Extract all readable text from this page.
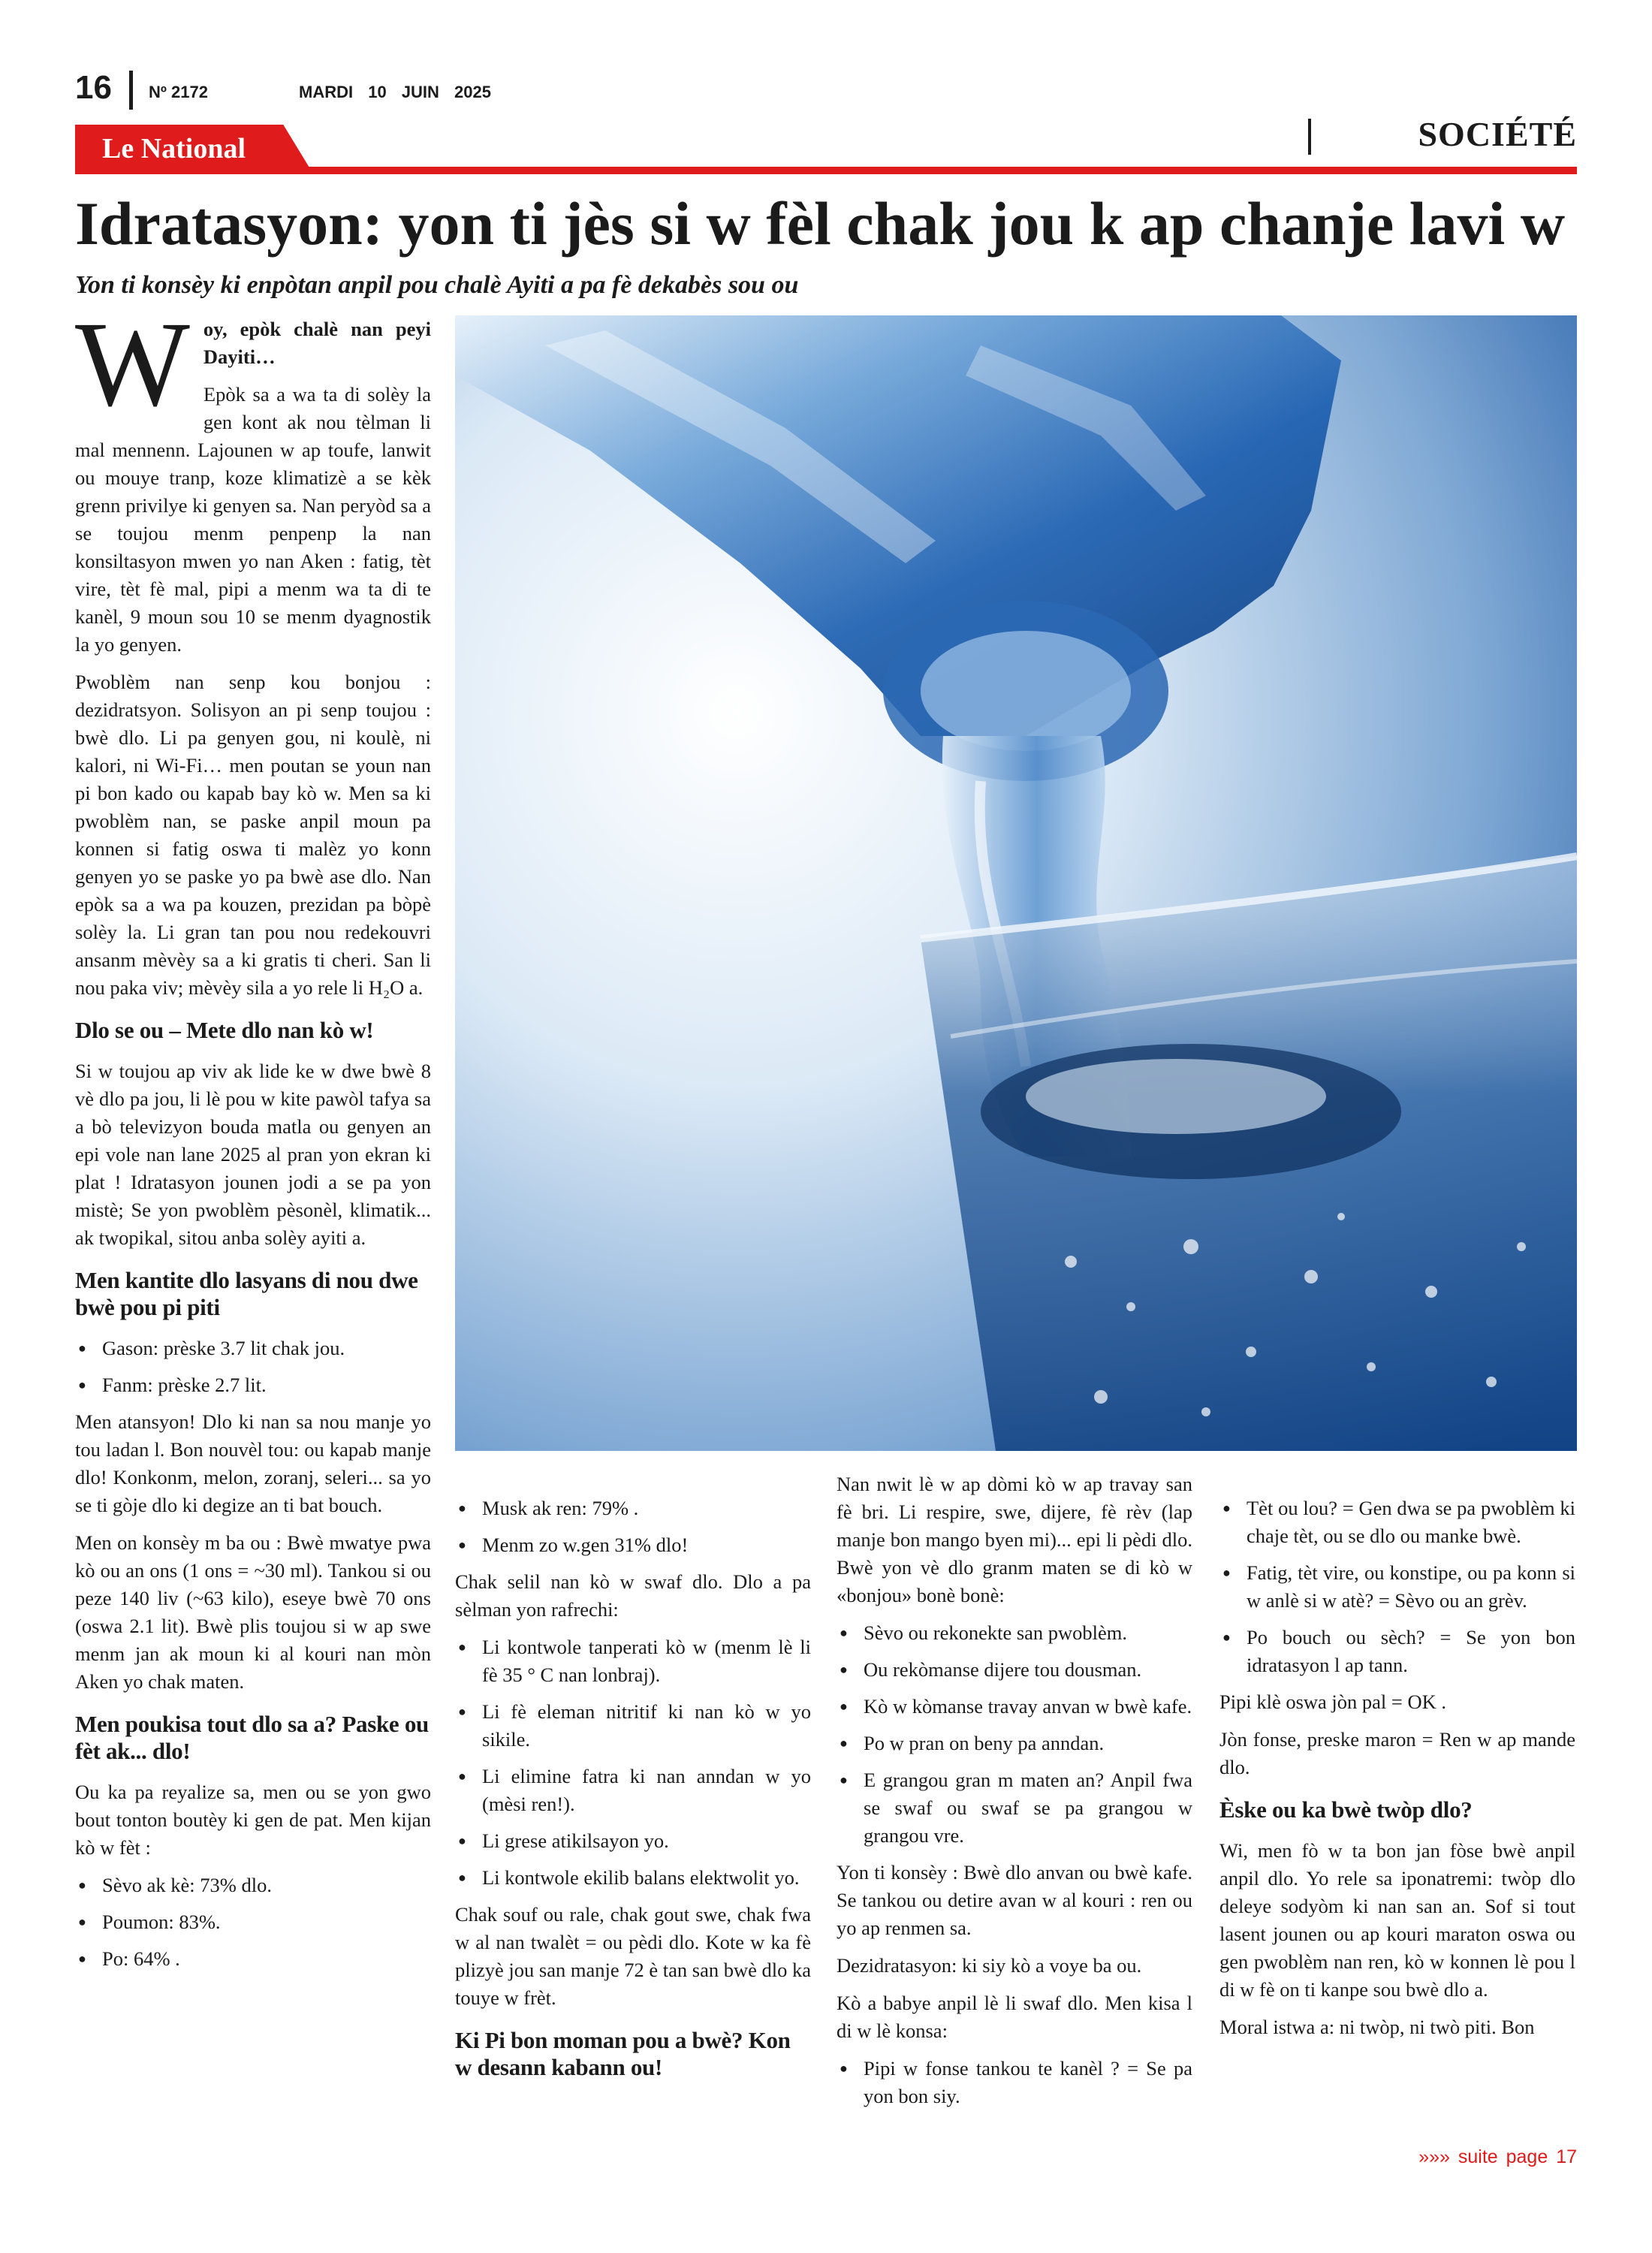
16 Nº 2172	MARDI 10 JUIN 2025
Le National	SOCIÉTÉ
Idratasyon: yon ti jès si w fèl chak jou k ap chanje lavi w
Yon ti konsèy ki enpòtan anpil pou chalè Ayiti a pa fè dekabès sou ou

Woy, epòk chalè nan peyi Dayiti…

Epòk sa a wa ta di solèy la gen kont ak nou tèlman li mal mennenn. Lajounen w ap toufe, lanwit ou mouye tranp, koze klimatizè a se kèk grenn privilye ki genyen sa. Nan peryòd sa a se toujou menm penpenp la nan konsiltasyon mwen yo nan Aken : fatig, tèt vire, tèt fè mal, pipi a menm wa ta di te kanèl, 9 moun sou 10 se menm dyagnostik la yo genyen.

Pwoblèm nan senp kou bonjou : dezidratsyon. Solisyon an pi senp toujou : bwè dlo. Li pa genyen gou, ni koulè, ni kalori, ni Wi-Fi… men poutan se youn nan pi bon kado ou kapab bay kò w. Men sa ki pwoblèm nan, se paske anpil moun pa konnen si fatig oswa ti malèz yo konn genyen yo se paske yo pa bwè ase dlo. Nan epòk sa a wa pa kouzen, prezidan pa bòpè solèy la. Li gran tan pou nou redekouvri ansanm mèvèy sa a ki gratis ti cheri. San li nou paka viv; mèvèy sila a yo rele li H₂O a.

Dlo se ou – Mete dlo nan kò w!

Si w toujou ap viv ak lide ke w dwe bwè 8 vè dlo pa jou, li lè pou w kite pawòl tafya sa a bò televizyon bouda matla ou genyen an epi vole nan lane 2025 al pran yon ekran ki plat ! Idratasyon jounen jodi a se pa yon mistè; Se yon pwoblèm pèsonèl, klimatik... ak twopikal, sitou anba solèy ayiti a.

Men kantite dlo lasyans di nou dwe bwè pou pi piti
● Gason: prèske 3.7 lit chak jou.
● Fanm: prèske 2.7 lit.

Men atansyon! Dlo ki nan sa nou manje yo tou ladan l. Bon nouvèl tou: ou kapab manje dlo! Konkonm, melon, zoranj, seleri... sa yo se ti gòje dlo ki degize an ti bat bouch.

Men on konsèy m ba ou : Bwè mwatye pwa kò ou an ons (1 ons = ~30 ml). Tankou si ou peze 140 liv (~63 kilo), eseye bwè 70 ons (oswa 2.1 lit). Bwè plis toujou si w ap swe menm jan ak moun ki al kouri nan mòn Aken yo chak maten.

Men poukisa tout dlo sa a? Paske ou fèt ak... dlo!

Ou ka pa reyalize sa, men ou se yon gwo bout tonton boutèy ki gen de pat. Men kijan kò w fèt :

● Sèvo ak kè: 73% dlo.
● Poumon: 83%.
● Po: 64% .
● Musk ak ren: 79% .
● Menm zo w.gen 31% dlo!

Chak selil nan kò w swaf dlo. Dlo a pa sèlman yon rafrechi:

● Li kontwole tanperati kò w (menm lè li fè 35 ° C nan lonbraj).
● Li fè eleman nitritif ki nan kò w yo sikile.
● Li elimine fatra ki nan anndan w yo (mèsi ren!).
● Li grese atikilsayon yo.
● Li kontwole ekilib balans elektwolit yo.

Chak souf ou rale, chak gout swe, chak fwa w al nan twalèt = ou pèdi dlo. Kote w ka fè plizyè jou san manje 72 è tan san bwè dlo ka touye w frèt.

Ki Pi bon moman pou a bwè? Kon w desann kabann ou!

Nan nwit lè w ap dòmi kò w ap travay san fè bri. Li respire, swe, dijere, fè rèv (lap manje bon mango byen mi)... epi li pèdi dlo. Bwè yon vè dlo granm maten se di kò w «bonjou» bonè bonè:

● Sèvo ou rekonekte san pwoblèm.
● Ou rekòmanse dijere tou dousman.
● Kò w kòmanse travay anvan w bwè kafe.
● Po w pran on beny pa anndan.
● E grangou gran m maten an? Anpil fwa se swaf ou swaf se pa grangou w grangou vre.

Yon ti konsèy : Bwè dlo anvan ou bwè kafe. Se tankou ou detire avan w al kouri : ren ou yo ap renmen sa.

Dezidratasyon: ki siy kò a voye ba ou.

Kò a babye anpil lè li swaf dlo. Men kisa l di w lè konsa:

● Pipi w fonse tankou te kanèl ? = Se pa yon bon siy.
● Tèt ou lou? = Gen dwa se pa pwoblèm ki chaje tèt, ou se dlo ou manke bwè.
● Fatig, tèt vire, ou konstipe, ou pa konn si w anlè si w atè? = Sèvo ou an grèv.
● Po bouch ou sèch? = Se yon bon idratasyon l ap tann.

Pipi klè oswa jòn pal = OK .

Jòn fonse, preske maron = Ren w ap mande dlo.

Èske ou ka bwè twòp dlo?

Wi, men fò w ta bon jan fòse bwè anpil anpil dlo. Yo rele sa iponatremi: twòp dlo deleye sodyòm ki nan san an. Sof si tout lasent jounen ou ap kouri maraton oswa ou gen pwoblèm nan ren, kò w konnen lè pou l di w fè on ti kanpe sou bwè dlo a.

Moral istwa a: ni twòp, ni twò piti. Bon

»»» suite page 17
